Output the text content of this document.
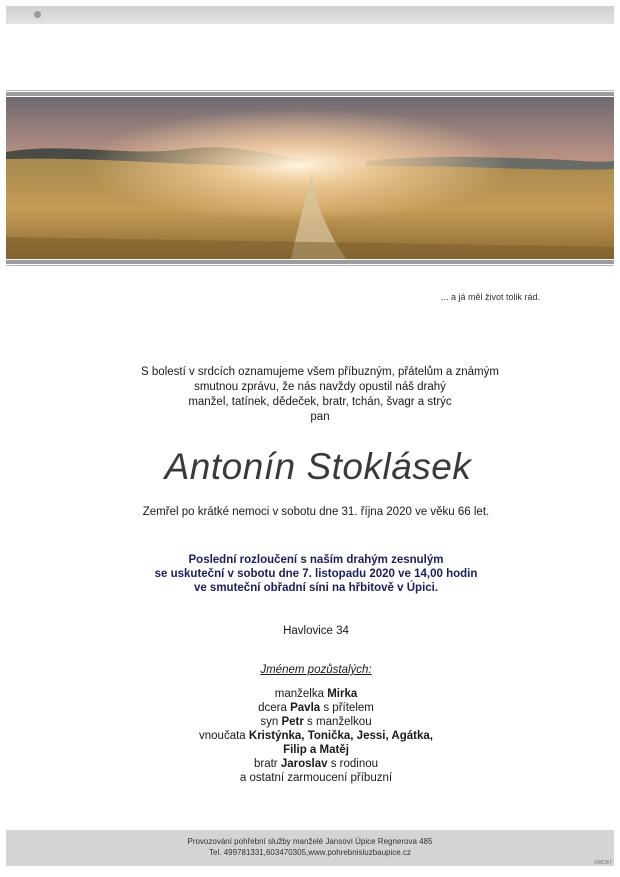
... a já měl život tolik rád.
S bolestí v srdcích oznamujeme všem příbuzným, přátelům a známým
smutnou zprávu, že nás navždy opustil náš drahý
manžel, tatínek, dědeček, bratr, tchán, švagr a strýc
pan
Antonín Stoklásek
Zemřel po krátké nemoci v sobotu dne 31. října 2020 ve věku 66 let.
Poslední rozloučení s naším drahým zesnulým
se uskuteční v sobotu dne 7. listopadu 2020 ve 14,00 hodin
ve smuteční obřadní síni na hřbitově v Úpici.
Havlovice 34
Jménem pozůstalých:
manželka Mirka
dcera Pavla s přítelem
syn Petr s manželkou
vnoučata Kristýnka, Tonička, Jessi, Agátka,
Filip a Matěj
bratr Jaroslav s rodinou
a ostatní zarmoucení příbuzní
Provozování pohřební služby manželé Jansoví Úpice Regnerova 485
Tel. 499781331,603470305,www.pohrebnisluzbaupice.cz
©MCBT
